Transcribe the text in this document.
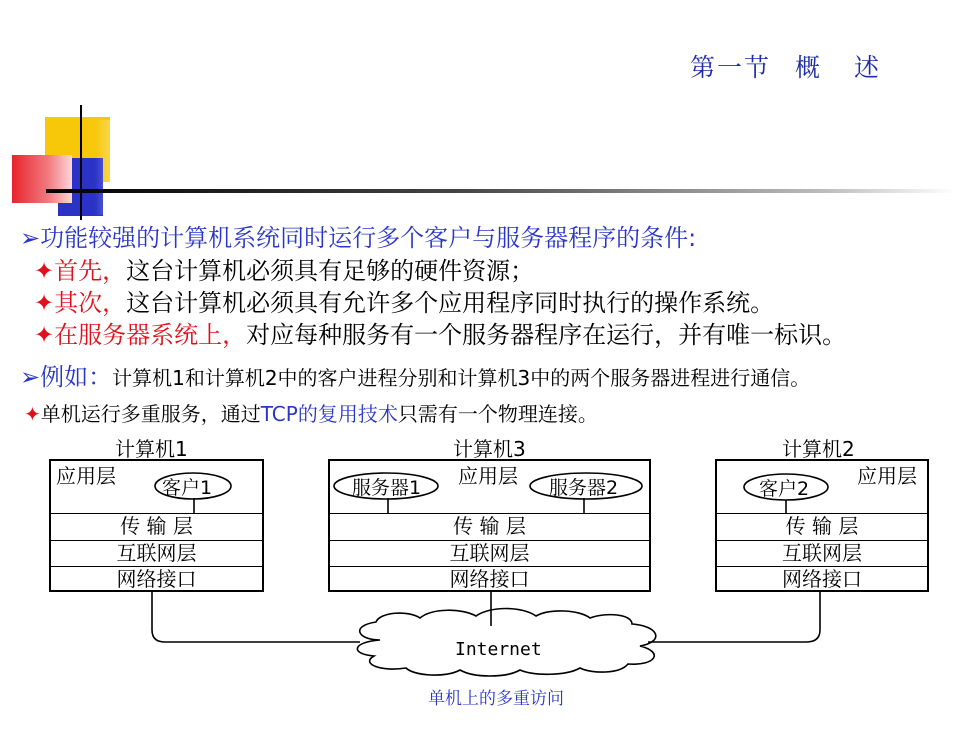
第一节 概 述
➢功能较强的计算机系统同时运行多个客户与服务器程序的条件:
✦首先，这台计算机必须具有足够的硬件资源；
✦其次，这台计算机必须具有允许多个应用程序同时执行的操作系统。
✦在服务器系统上，对应每种服务有一个服务器程序在运行，并有唯一标识。
➢例如：计算机1和计算机2中的客户进程分别和计算机3中的两个服务器进程进行通信。
✦单机运行多重服务，通过TCP的复用技术只需有一个物理连接。
计算机1
应用层
传 输 层
互联网层
网络接口
计算机3
应用层
传 输 层
互联网层
网络接口
计算机2
应用层
传 输 层
互联网层
网络接口
客户1	服务器1	服务器2	客户2
Internet
单机上的多重访问
